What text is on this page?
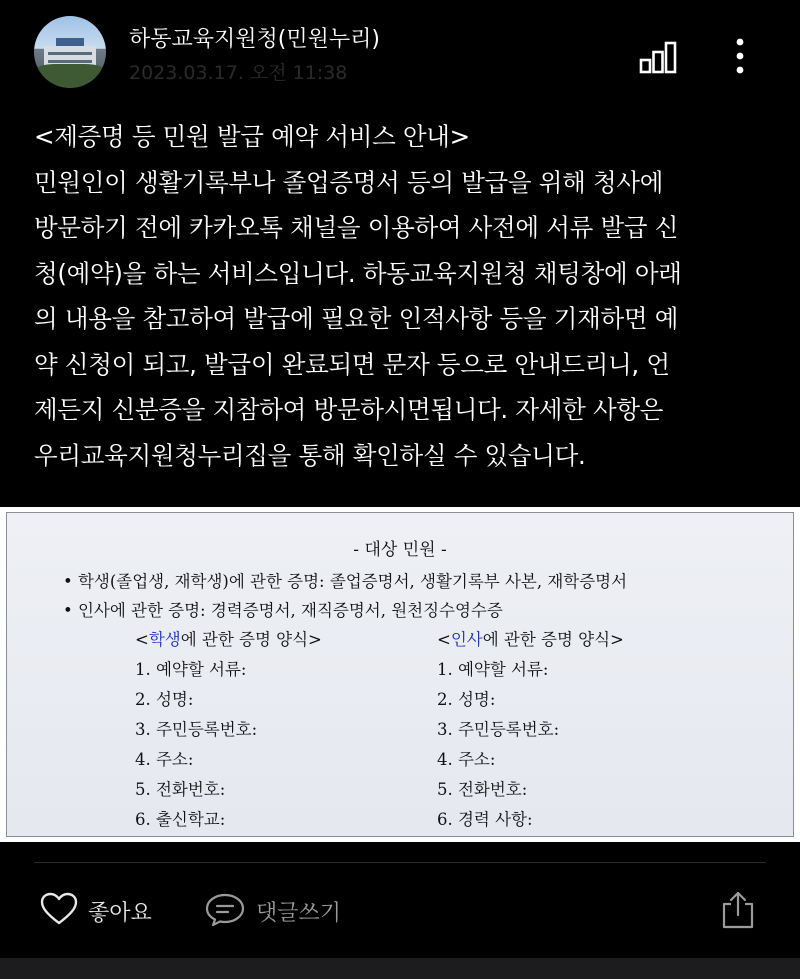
하동교육지원청(민원누리)
2023.03.17. 오전 11:38

<제증명 등 민원 발급 예약 서비스 안내>

민원인이 생활기록부나 졸업증명서 등의 발급을 위해 청사에

방문하기 전에 카카오톡 채널을 이용하여 사전에 서류 발급 신

청(예약)을 하는 서비스입니다. 하동교육지원청 채팅창에 아래

의 내용을 참고하여 발급에 필요한 인적사항 등을 기재하면 예

약 신청이 되고, 발급이 완료되면 문자 등으로 안내드리니, 언

제든지 신분증을 지참하여 방문하시면됩니다. 자세한 사항은

우리교육지원청누리집을 통해 확인하실 수 있습니다.

- 대상 민원 -
• 학생(졸업생, 재학생)에 관한 증명: 졸업증명서, 생활기록부 사본, 재학증명서
• 인사에 관한 증명: 경력증명서, 재직증명서, 원천징수영수증
<학생에 관한 증명 양식>	<인사에 관한 증명 양식>
1. 예약할 서류:
2. 성명:
3. 주민등록번호:
4. 주소:
5. 전화번호:
6. 출신학교:
1. 예약할 서류:
2. 성명:
3. 주민등록번호:
4. 주소:
5. 전화번호:
6. 경력 사항:
좋아요	댓글쓰기
